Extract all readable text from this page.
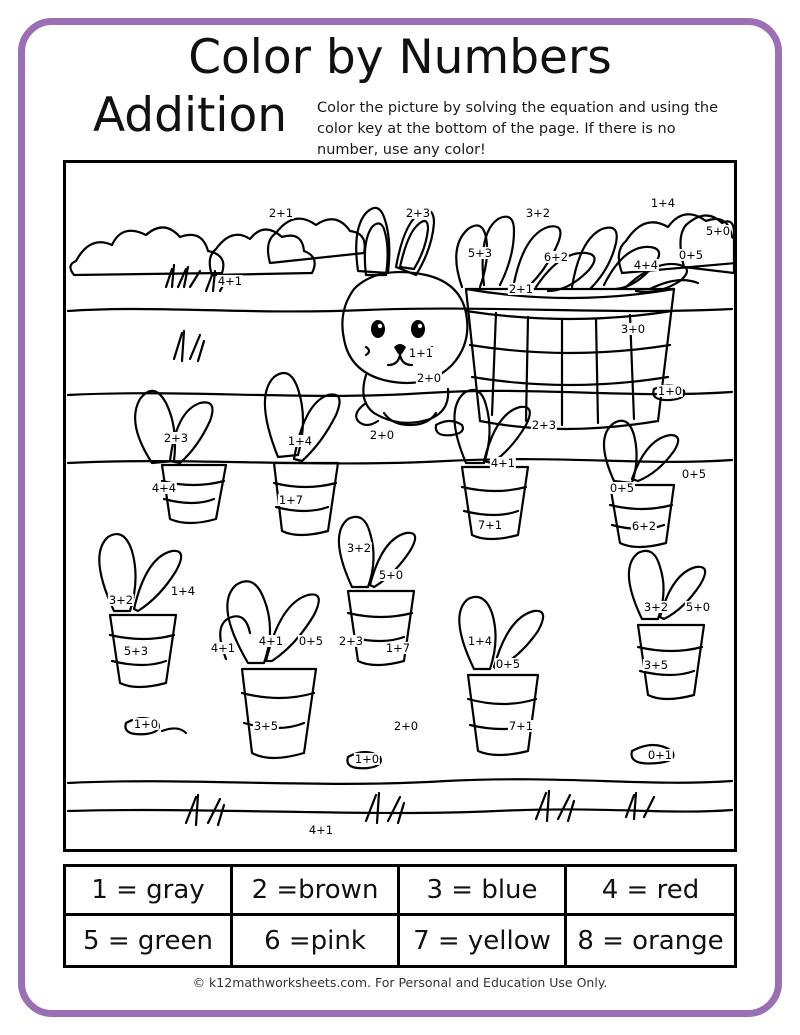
Color by Numbers
Addition	Color the picture by solving the equation and using the color key at the bottom of the page. If there is no number, use any color!
2+1	2+3	3+2
1+4
5+0
5+3	6+2
4+4
0+5
4+1
2+1
3+0
1+1
2+0
1+0
2+3
2+3	1+4	2+0
4+1
0+5
0+5
4+4
1+7
7+1	6+2
3+2
5+0
3+2
1+4
3+2 5+0
5+3	4+1 4+1 0+5 2+3 1+7	1+4
0+5	3+5
1+0	3+5	2+0	7+1
1+0	0+1
4+1
1 = gray	2 =brown	3 = blue	4 = red
5 = green	6 =pink	7 = yellow	8 = orange
© k12mathworksheets.com. For Personal and Education Use Only.
